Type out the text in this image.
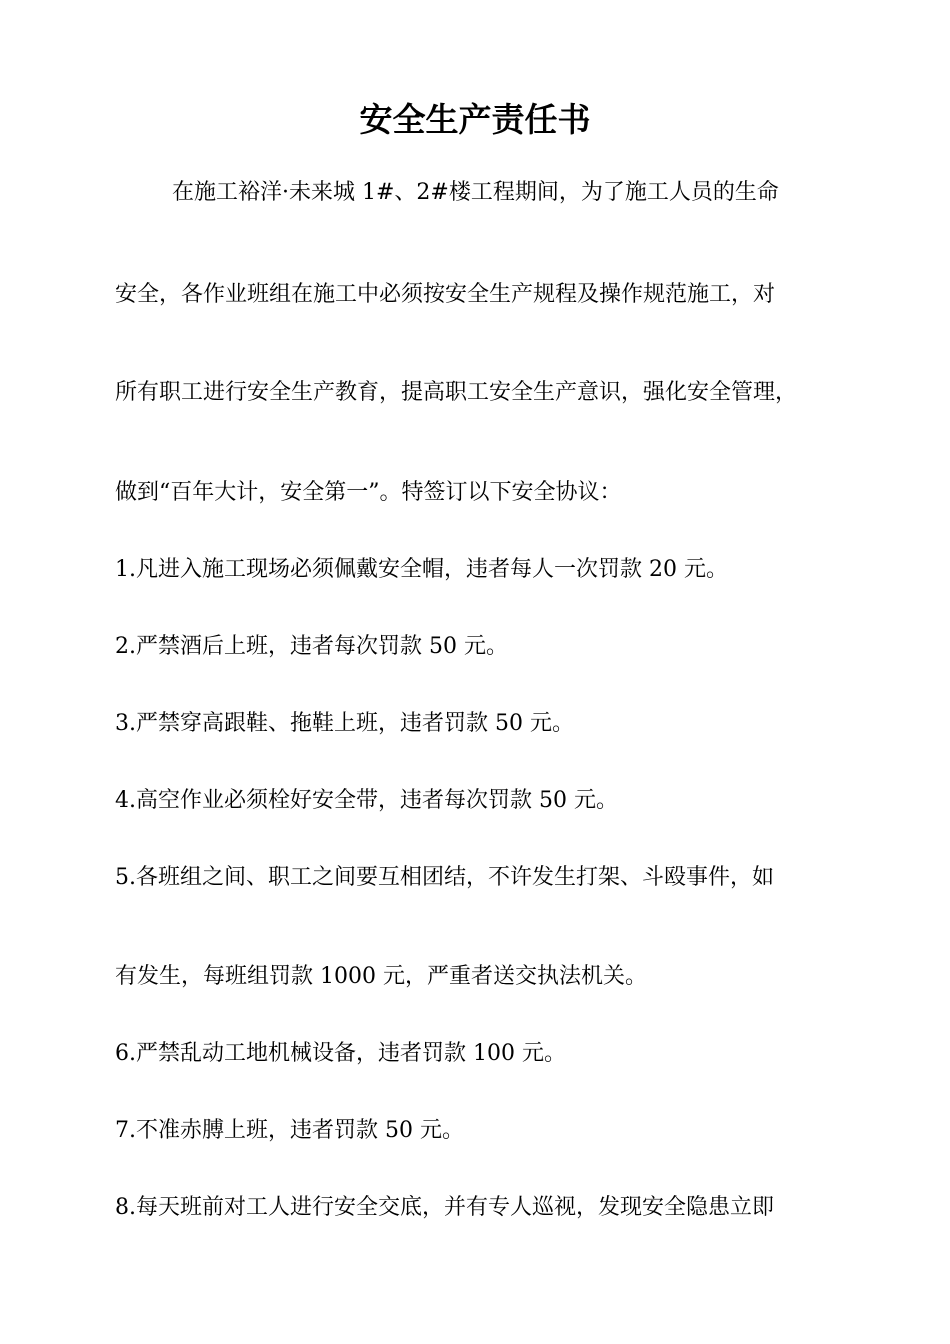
安全生产责任书
在施工裕洋·未来城 1#、2#楼工程期间，为了施工人员的生命
安全，各作业班组在施工中必须按安全生产规程及操作规范施工，对
所有职工进行安全生产教育，提高职工安全生产意识，强化安全管理，
做到“百年大计，安全第一”。特签订以下安全协议：
1.凡进入施工现场必须佩戴安全帽，违者每人一次罚款 20 元。
2.严禁酒后上班，违者每次罚款 50 元。
3.严禁穿高跟鞋、拖鞋上班，违者罚款 50 元。
4.高空作业必须栓好安全带，违者每次罚款 50 元。
5.各班组之间、职工之间要互相团结，不许发生打架、斗殴事件，如
有发生，每班组罚款 1000 元，严重者送交执法机关。
6.严禁乱动工地机械设备，违者罚款 100 元。
7.不准赤膊上班，违者罚款 50 元。
8.每天班前对工人进行安全交底，并有专人巡视，发现安全隐患立即
